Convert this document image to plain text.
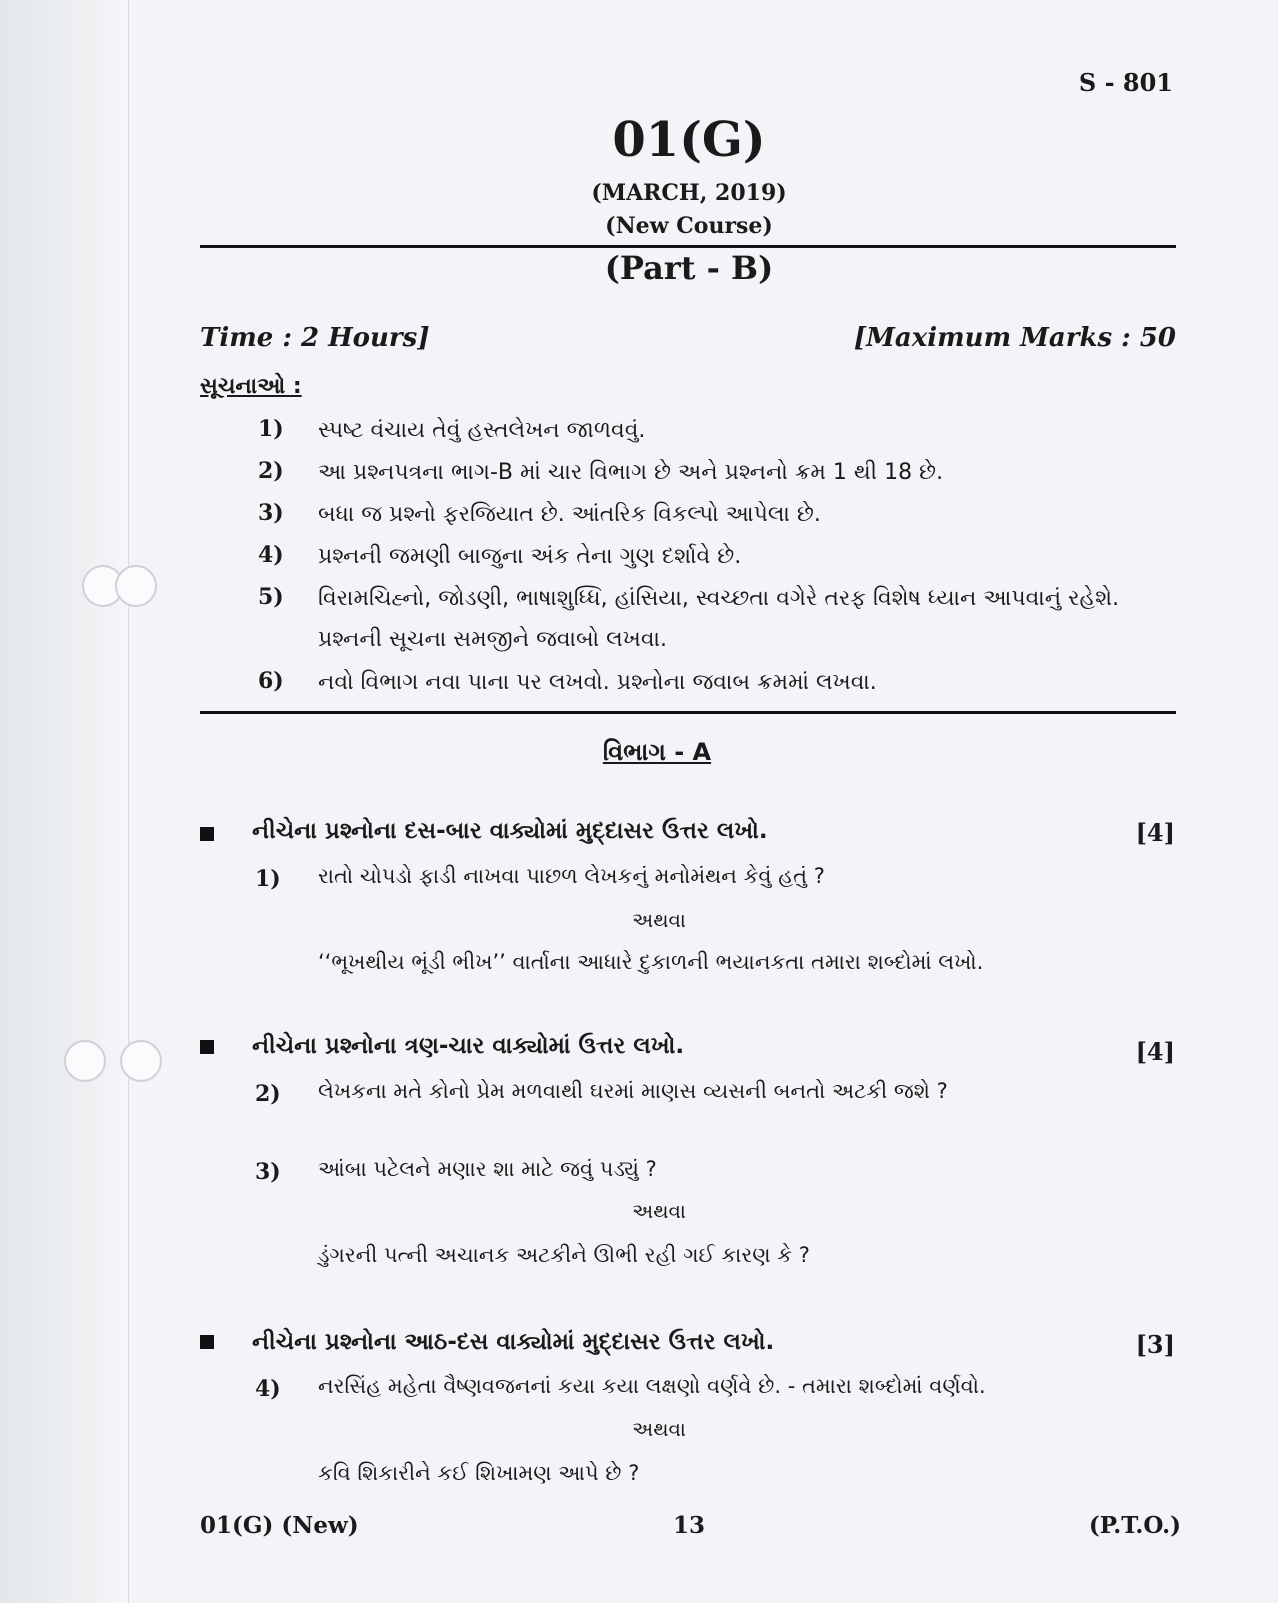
S - 801
01(G)
(MARCH, 2019)
(New Course)
(Part - B)
Time : 2 Hours]	[Maximum Marks : 50
સૂચનાઓ :
1) સ્પષ્ટ વંચાય તેવું હસ્તલેખન જાળવવું.
2) આ પ્રશ્નપત્રના ભાગ-B માં ચાર વિભાગ છે અને પ્રશ્નનો ક્રમ 1 થી 18 છે.
3) બધા જ પ્રશ્નો ફરજિયાત છે. આંતરિક વિકલ્પો આપેલા છે.
4) પ્રશ્નની જમણી બાજુના અંક તેના ગુણ દર્શાવે છે.
5) વિરામચિહ્નો, જોડણી, ભાષાશુધ્ધિ, હાંસિયા, સ્વચ્છતા વગેરે તરફ વિશેષ ધ્યાન આપવાનું રહેશે. પ્રશ્નની સૂચના સમજીને જવાબો લખવા.
6) નવો વિભાગ નવા પાના પર લખવો. પ્રશ્નોના જવાબ ક્રમમાં લખવા.
વિભાગ - A
નીચેના પ્રશ્નોના દસ-બાર વાક્યોમાં મુદ્દાસર ઉત્તર લખો.	[4]
1) રાતો ચોપડો ફાડી નાખવા પાછળ લેખકનું મનોમંથન કેવું હતું ?
અથવા
‘‘ભૂખથીય ભૂંડી ભીખ’’ વાર્તાના આધારે દુકાળની ભયાનકતા તમારા શબ્દોમાં લખો.
નીચેના પ્રશ્નોના ત્રણ-ચાર વાક્યોમાં ઉત્તર લખો.	[4]
2) લેખકના મતે કોનો પ્રેમ મળવાથી ઘરમાં માણસ વ્યસની બનતો અટકી જશે ?
3) આંબા પટેલને મણાર શા માટે જવું પડ્યું ?
અથવા
ડુંગરની પત્ની અચાનક અટકીને ઊભી રહી ગઈ કારણ કે ?
નીચેના પ્રશ્નોના આઠ-દસ વાક્યોમાં મુદ્દાસર ઉત્તર લખો.	[3]
4) નરસિંહ મહેતા વૈષ્ણવજનનાં કયા કયા લક્ષણો વર્ણવે છે. - તમારા શબ્દોમાં વર્ણવો.
અથવા
કવિ શિકારીને કઈ શિખામણ આપે છે ?
01(G) (New)	13	(P.T.O.)
